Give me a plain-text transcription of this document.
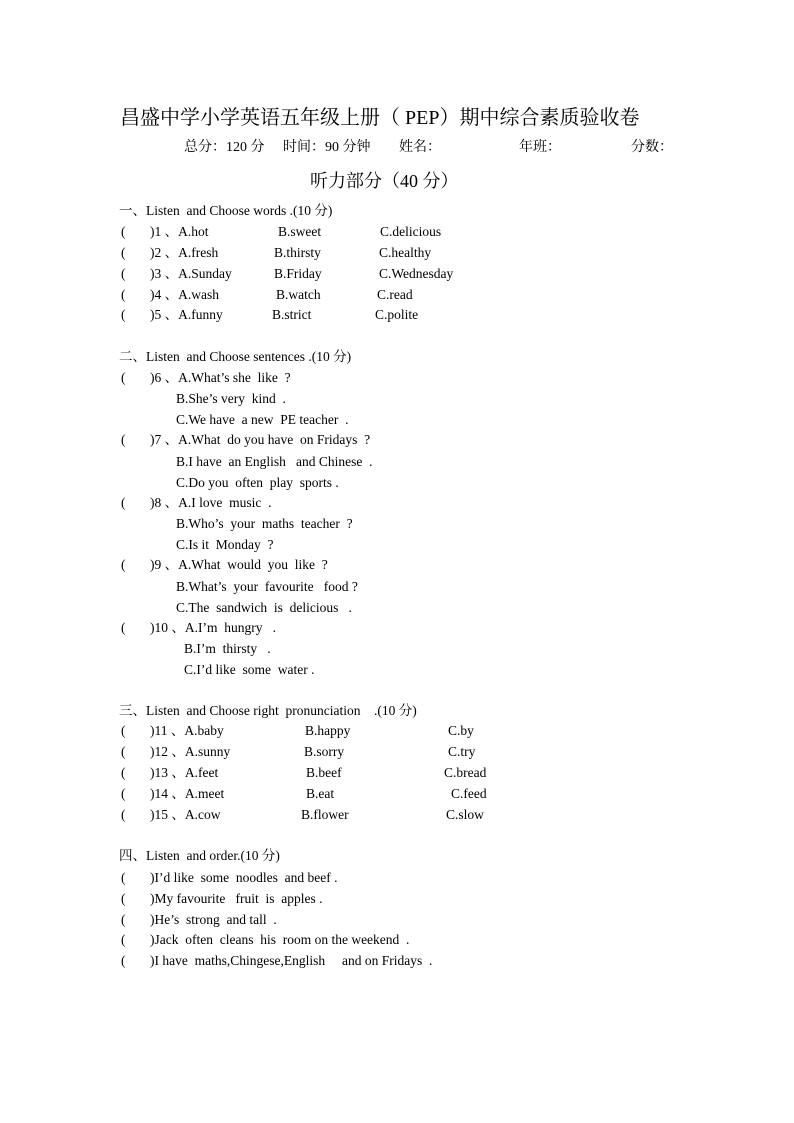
昌盛中学小学英语五年级上册（ PEP）期中综合素质验收卷
总分：120 分 时间：90 分钟 姓名：	年班：	分数：
听力部分（40 分）
一、Listen  and Choose words .(10 分)
( )1 、A.hot	B.sweet	C.delicious
( )2 、A.fresh	B.thirsty	C.healthy
( )3 、A.Sunday	B.Friday	C.Wednesday
( )4 、A.wash	B.watch	C.read
( )5 、A.funny	B.strict	C.polite
二、Listen  and Choose sentences .(10 分)
( )6 、A.What’s she  like  ?
B.She’s very  kind  .
C.We have  a new  PE teacher  .
( )7 、A.What  do you have  on Fridays  ?
B.I have  an English   and Chinese  .
C.Do you  often  play  sports .
( )8 、A.I love  music  .
B.Who’s  your  maths  teacher  ?
C.Is it  Monday  ?
( )9 、A.What  would  you  like  ?
B.What’s  your  favourite   food ?
C.The  sandwich  is  delicious   .
( )10 、A.I’m  hungry   .
B.I’m  thirsty   .
C.I’d like  some  water .
三、Listen  and Choose right  pronunciation    .(10 分)
( )11 、A.baby	B.happy	C.by
( )12 、A.sunny	B.sorry	C.try
( )13 、A.feet	B.beef	C.bread
( )14 、A.meet	B.eat	C.feed
( )15 、A.cow	B.flower	C.slow
四、Listen  and order.(10 分)
( )I’d like  some  noodles  and beef .
( )My favourite   fruit  is  apples .
( )He’s  strong  and tall  .
( )Jack  often  cleans  his  room on the weekend  .
( )I have  maths,Chingese,English     and on Fridays  .
